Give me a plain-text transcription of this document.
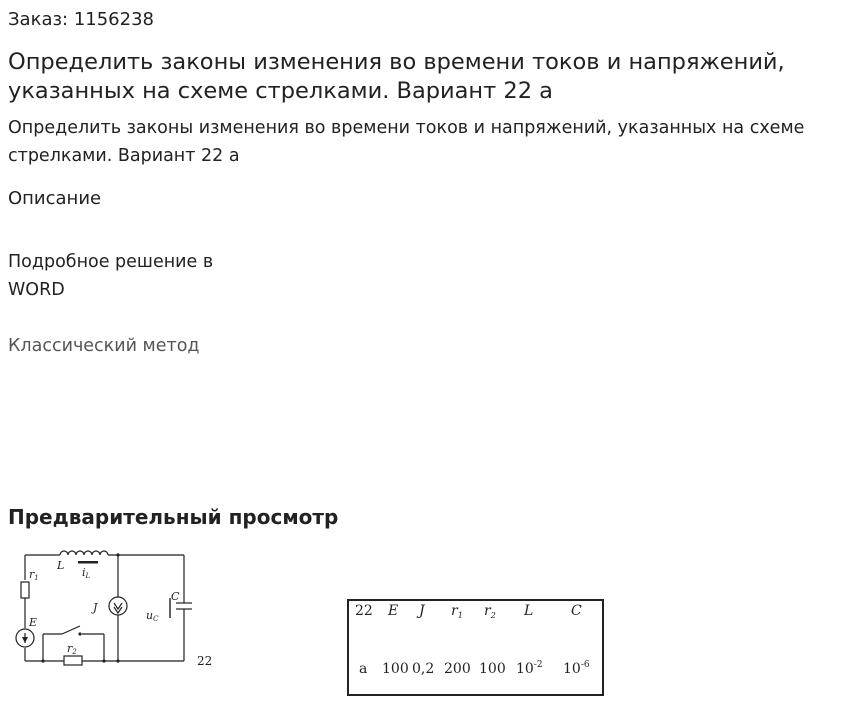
Заказ: 1156238
Определить законы изменения во времени токов и напряжений, указанных на схеме стрелками. Вариант 22 а
Определить законы изменения во времени токов и напряжений, указанных на схеме стрелками. Вариант 22 а
Описание
Подробное решение в WORD
Классический метод
Предварительный просмотр
r1
L
iL
J
uC
C
E
r2
22
22 E J $r_1$ $r_2$ L	C
а 100 0,2 200 100 $10^{-2}$ $10^{-6}$
